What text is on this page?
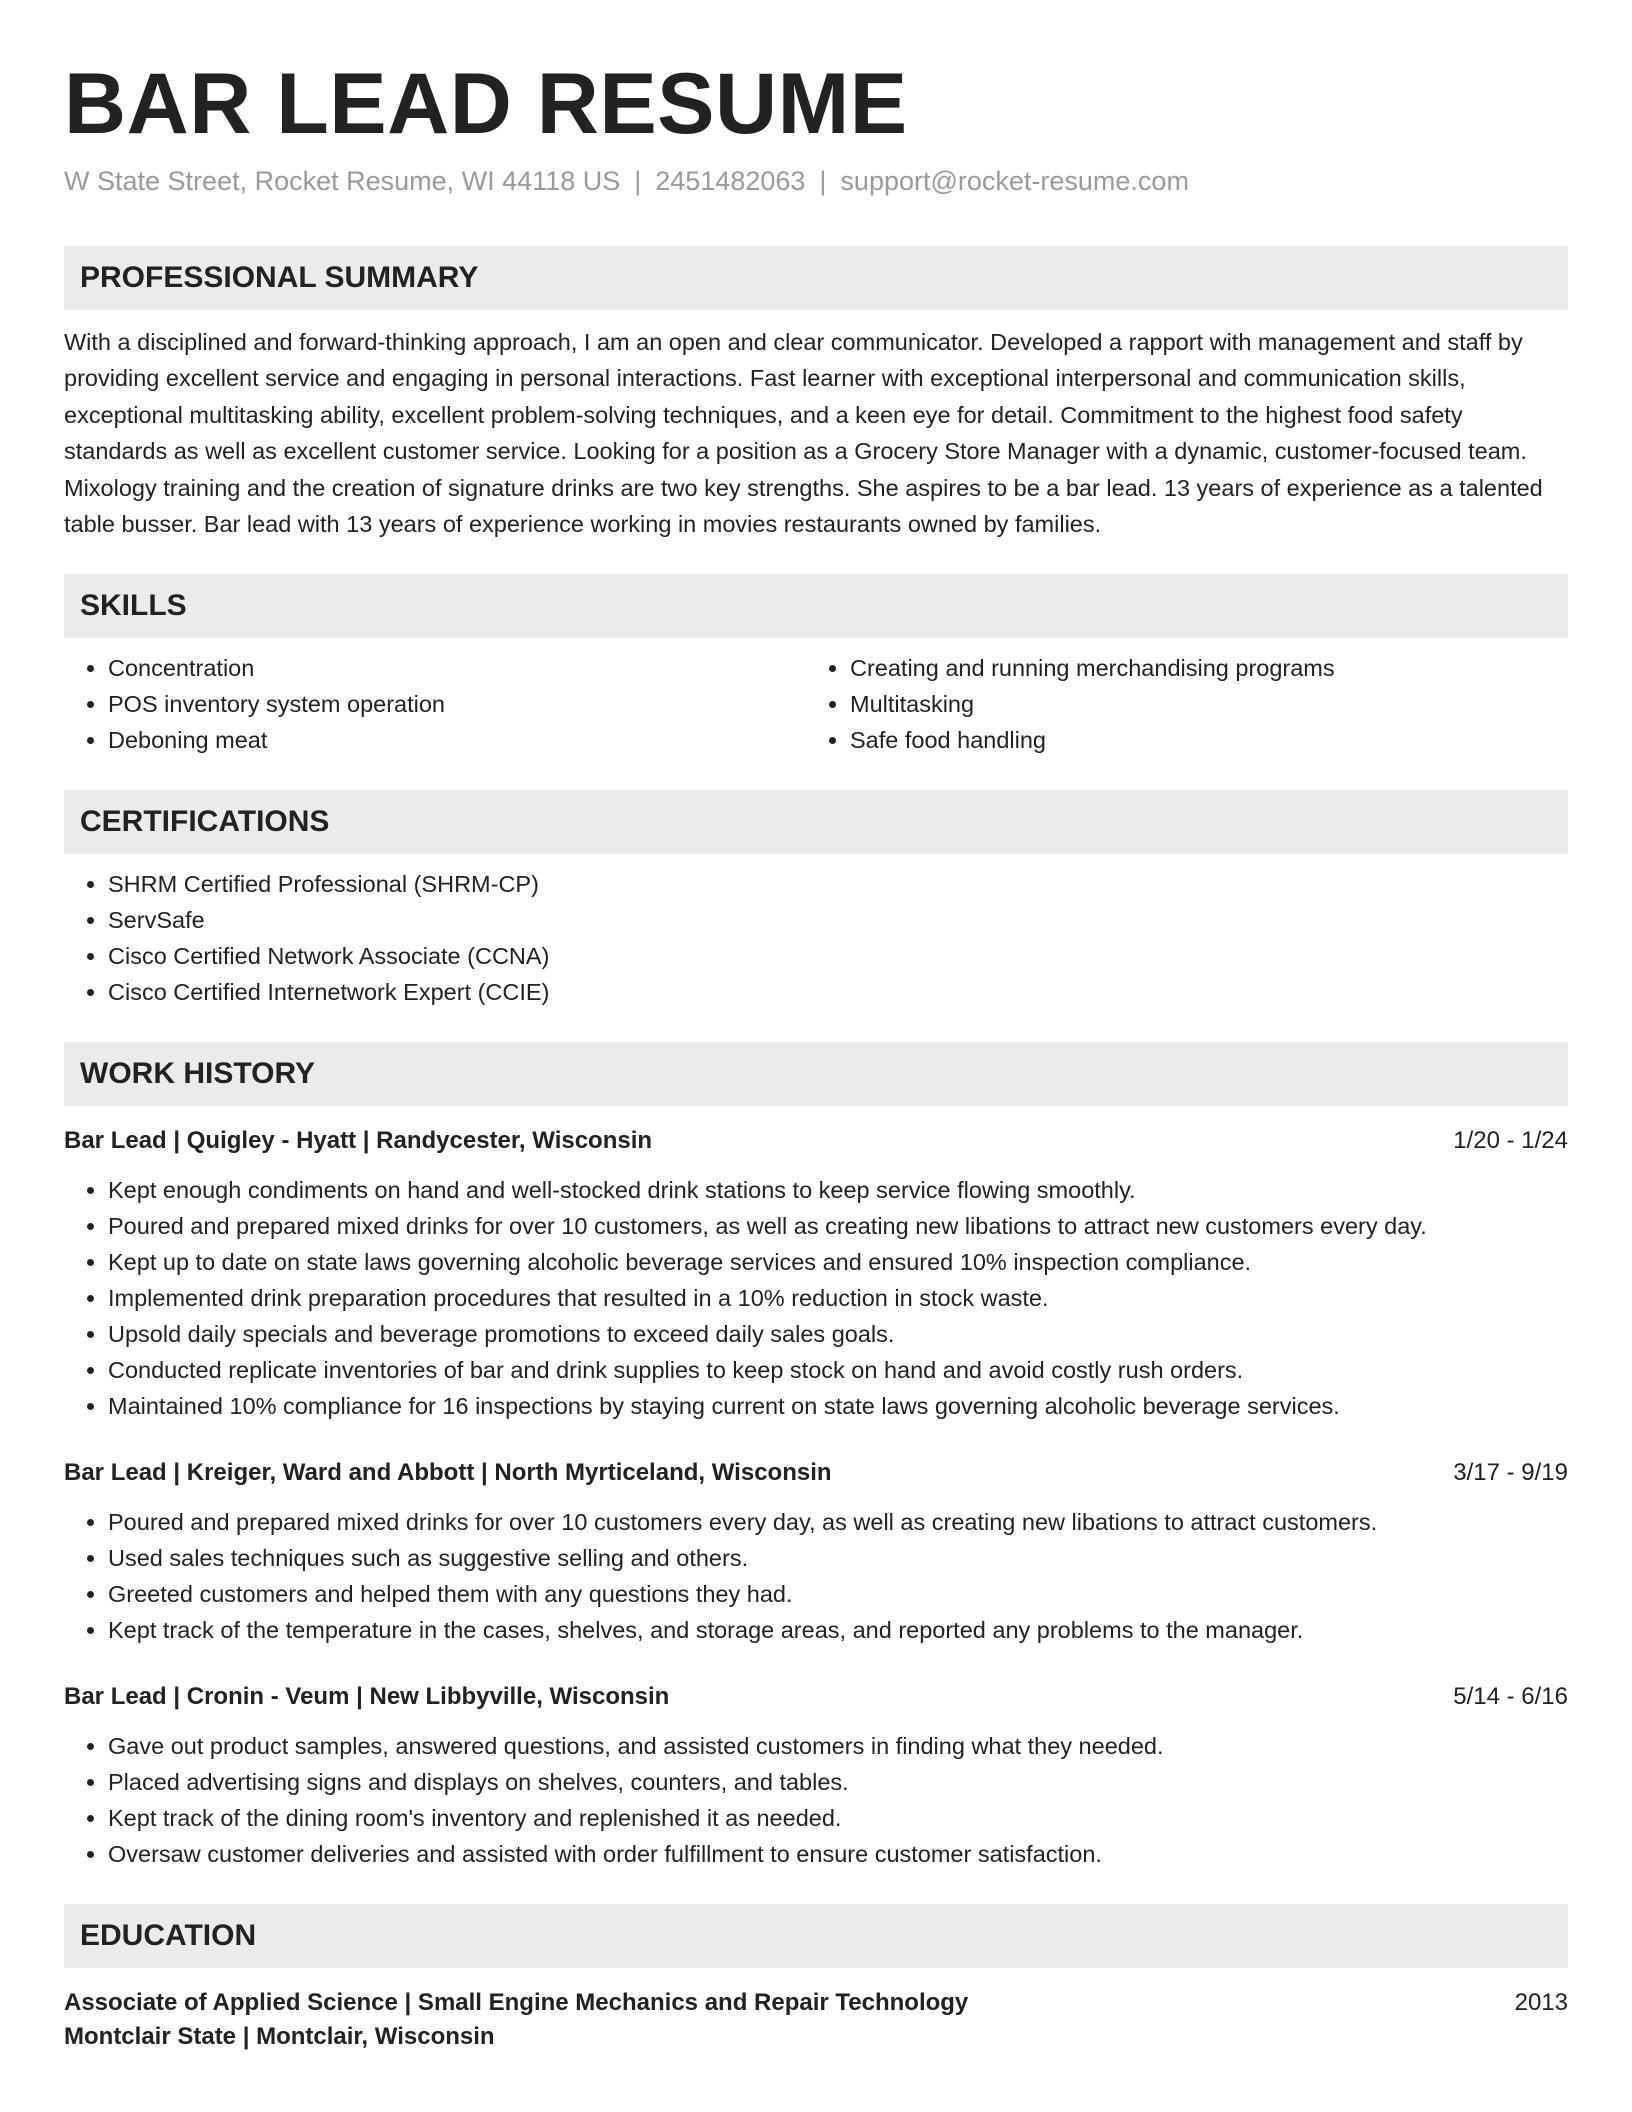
BAR LEAD RESUME
W State Street, Rocket Resume, WI 44118 US | 2451482063 | support@rocket-resume.com
PROFESSIONAL SUMMARY

With a disciplined and forward-thinking approach, I am an open and clear communicator. Developed a rapport with management and staff by providing excellent service and engaging in personal interactions. Fast learner with exceptional interpersonal and communication skills, exceptional multitasking ability, excellent problem-solving techniques, and a keen eye for detail. Commitment to the highest food safety standards as well as excellent customer service. Looking for a position as a Grocery Store Manager with a dynamic, customer-focused team. Mixology training and the creation of signature drinks are two key strengths. She aspires to be a bar lead. 13 years of experience as a talented table busser. Bar lead with 13 years of experience working in movies restaurants owned by families.

SKILLS
• Concentration
• POS inventory system operation
• Deboning meat
• Creating and running merchandising programs
• Multitasking
• Safe food handling
CERTIFICATIONS
• SHRM Certified Professional (SHRM-CP)
• ServSafe
• Cisco Certified Network Associate (CCNA)
• Cisco Certified Internetwork Expert (CCIE)
WORK HISTORY
Bar Lead | Quigley - Hyatt | Randycester, Wisconsin	1/20 - 1/24
• Kept enough condiments on hand and well-stocked drink stations to keep service flowing smoothly.
• Poured and prepared mixed drinks for over 10 customers, as well as creating new libations to attract new customers every day.
• Kept up to date on state laws governing alcoholic beverage services and ensured 10% inspection compliance.
• Implemented drink preparation procedures that resulted in a 10% reduction in stock waste.
• Upsold daily specials and beverage promotions to exceed daily sales goals.
• Conducted replicate inventories of bar and drink supplies to keep stock on hand and avoid costly rush orders.
• Maintained 10% compliance for 16 inspections by staying current on state laws governing alcoholic beverage services.
Bar Lead | Kreiger, Ward and Abbott | North Myrticeland, Wisconsin	3/17 - 9/19
• Poured and prepared mixed drinks for over 10 customers every day, as well as creating new libations to attract customers.
• Used sales techniques such as suggestive selling and others.
• Greeted customers and helped them with any questions they had.
• Kept track of the temperature in the cases, shelves, and storage areas, and reported any problems to the manager.
Bar Lead | Cronin - Veum | New Libbyville, Wisconsin	5/14 - 6/16
• Gave out product samples, answered questions, and assisted customers in finding what they needed.
• Placed advertising signs and displays on shelves, counters, and tables.
• Kept track of the dining room's inventory and replenished it as needed.
• Oversaw customer deliveries and assisted with order fulfillment to ensure customer satisfaction.
EDUCATION
Associate of Applied Science | Small Engine Mechanics and Repair Technology	2013
Montclair State | Montclair, Wisconsin
